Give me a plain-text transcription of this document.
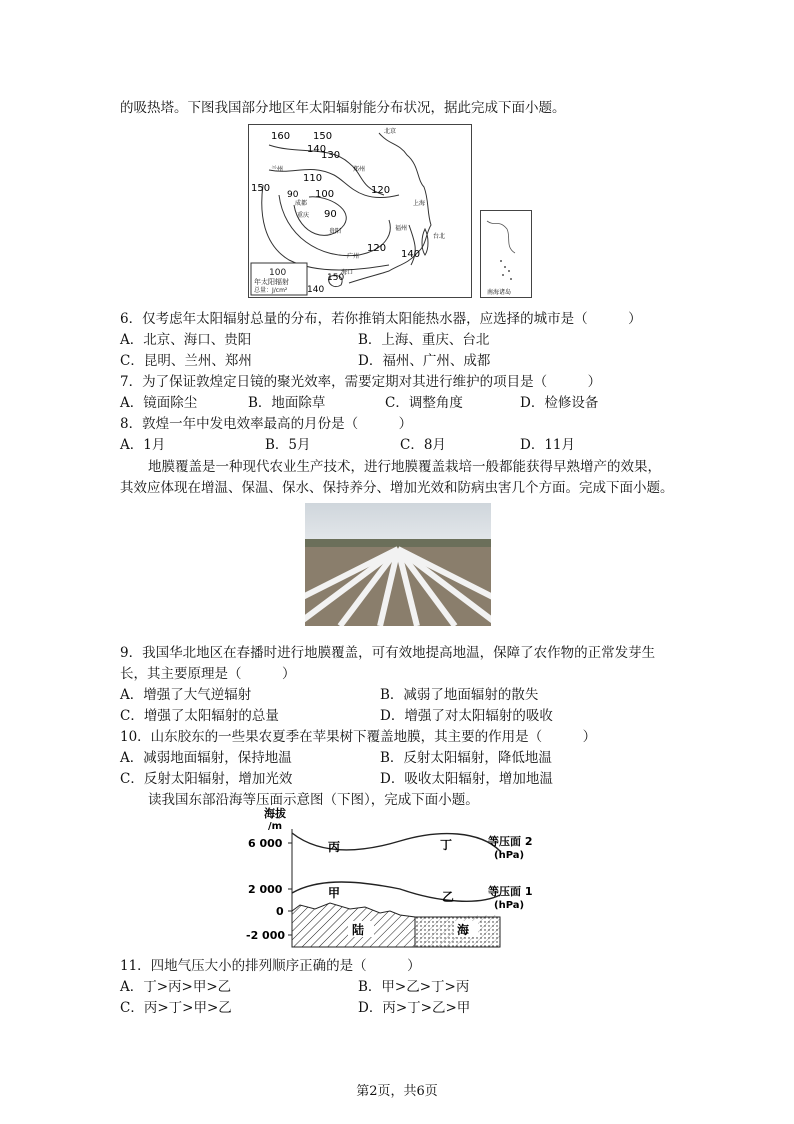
的吸热塔。下图我国部分地区年太阳辐射能分布状况，据此完成下面小题。
100
年太阳辐射
总量：J/cm²
160 150
140
130
150
110
100
90	120
120
140
150
140
90
北京
兰州	郑州
成都
重庆
贵阳
上海
台北
福州
广州
海口
南海诸岛
6．仅考虑年太阳辐射总量的分布，若你推销太阳能热水器，应选择的城市是（　　　）
A．北京、海口、贵阳	B．上海、重庆、台北
C．昆明、兰州、郑州	D．福州、广州、成都
7．为了保证敦煌定日镜的聚光效率，需要定期对其进行维护的项目是（　　　）
A．镜面除尘	B．地面除草	C．调整角度	D．检修设备
8．敦煌一年中发电效率最高的月份是（　　　）
A．1月	B．5月	C．8月	D．11月
地膜覆盖是一种现代农业生产技术，进行地膜覆盖栽培一般都能获得早熟增产的效果，
其效应体现在增温、保温、保水、保持养分、增加光效和防病虫害几个方面。完成下面小题。
9．我国华北地区在春播时进行地膜覆盖，可有效地提高地温，保障了农作物的正常发芽生
长，其主要原理是（　　　）
A．增强了大气逆辐射	B．减弱了地面辐射的散失
C．增强了太阳辐射的总量	D．增强了对太阳辐射的吸收
10．山东胶东的一些果农夏季在苹果树下覆盖地膜，其主要的作用是（　　　）
A．减弱地面辐射，保持地温	B．反射太阳辐射，降低地温
C．反射太阳辐射，增加光效	D．吸收太阳辐射，增加地温
读我国东部沿海等压面示意图（下图），完成下面小题。
海拔
/m
6 000
2 000
0
-2 000	陆	海
丙	丁
甲	乙
等压面 2
(hPa)
等压面 1
(hPa)
11．四地气压大小的排列顺序正确的是（　　　）
A．丁>丙>甲>乙	B．甲>乙>丁>丙
C．丙>丁>甲>乙	D．丙>丁>乙>甲
第2页，共6页
